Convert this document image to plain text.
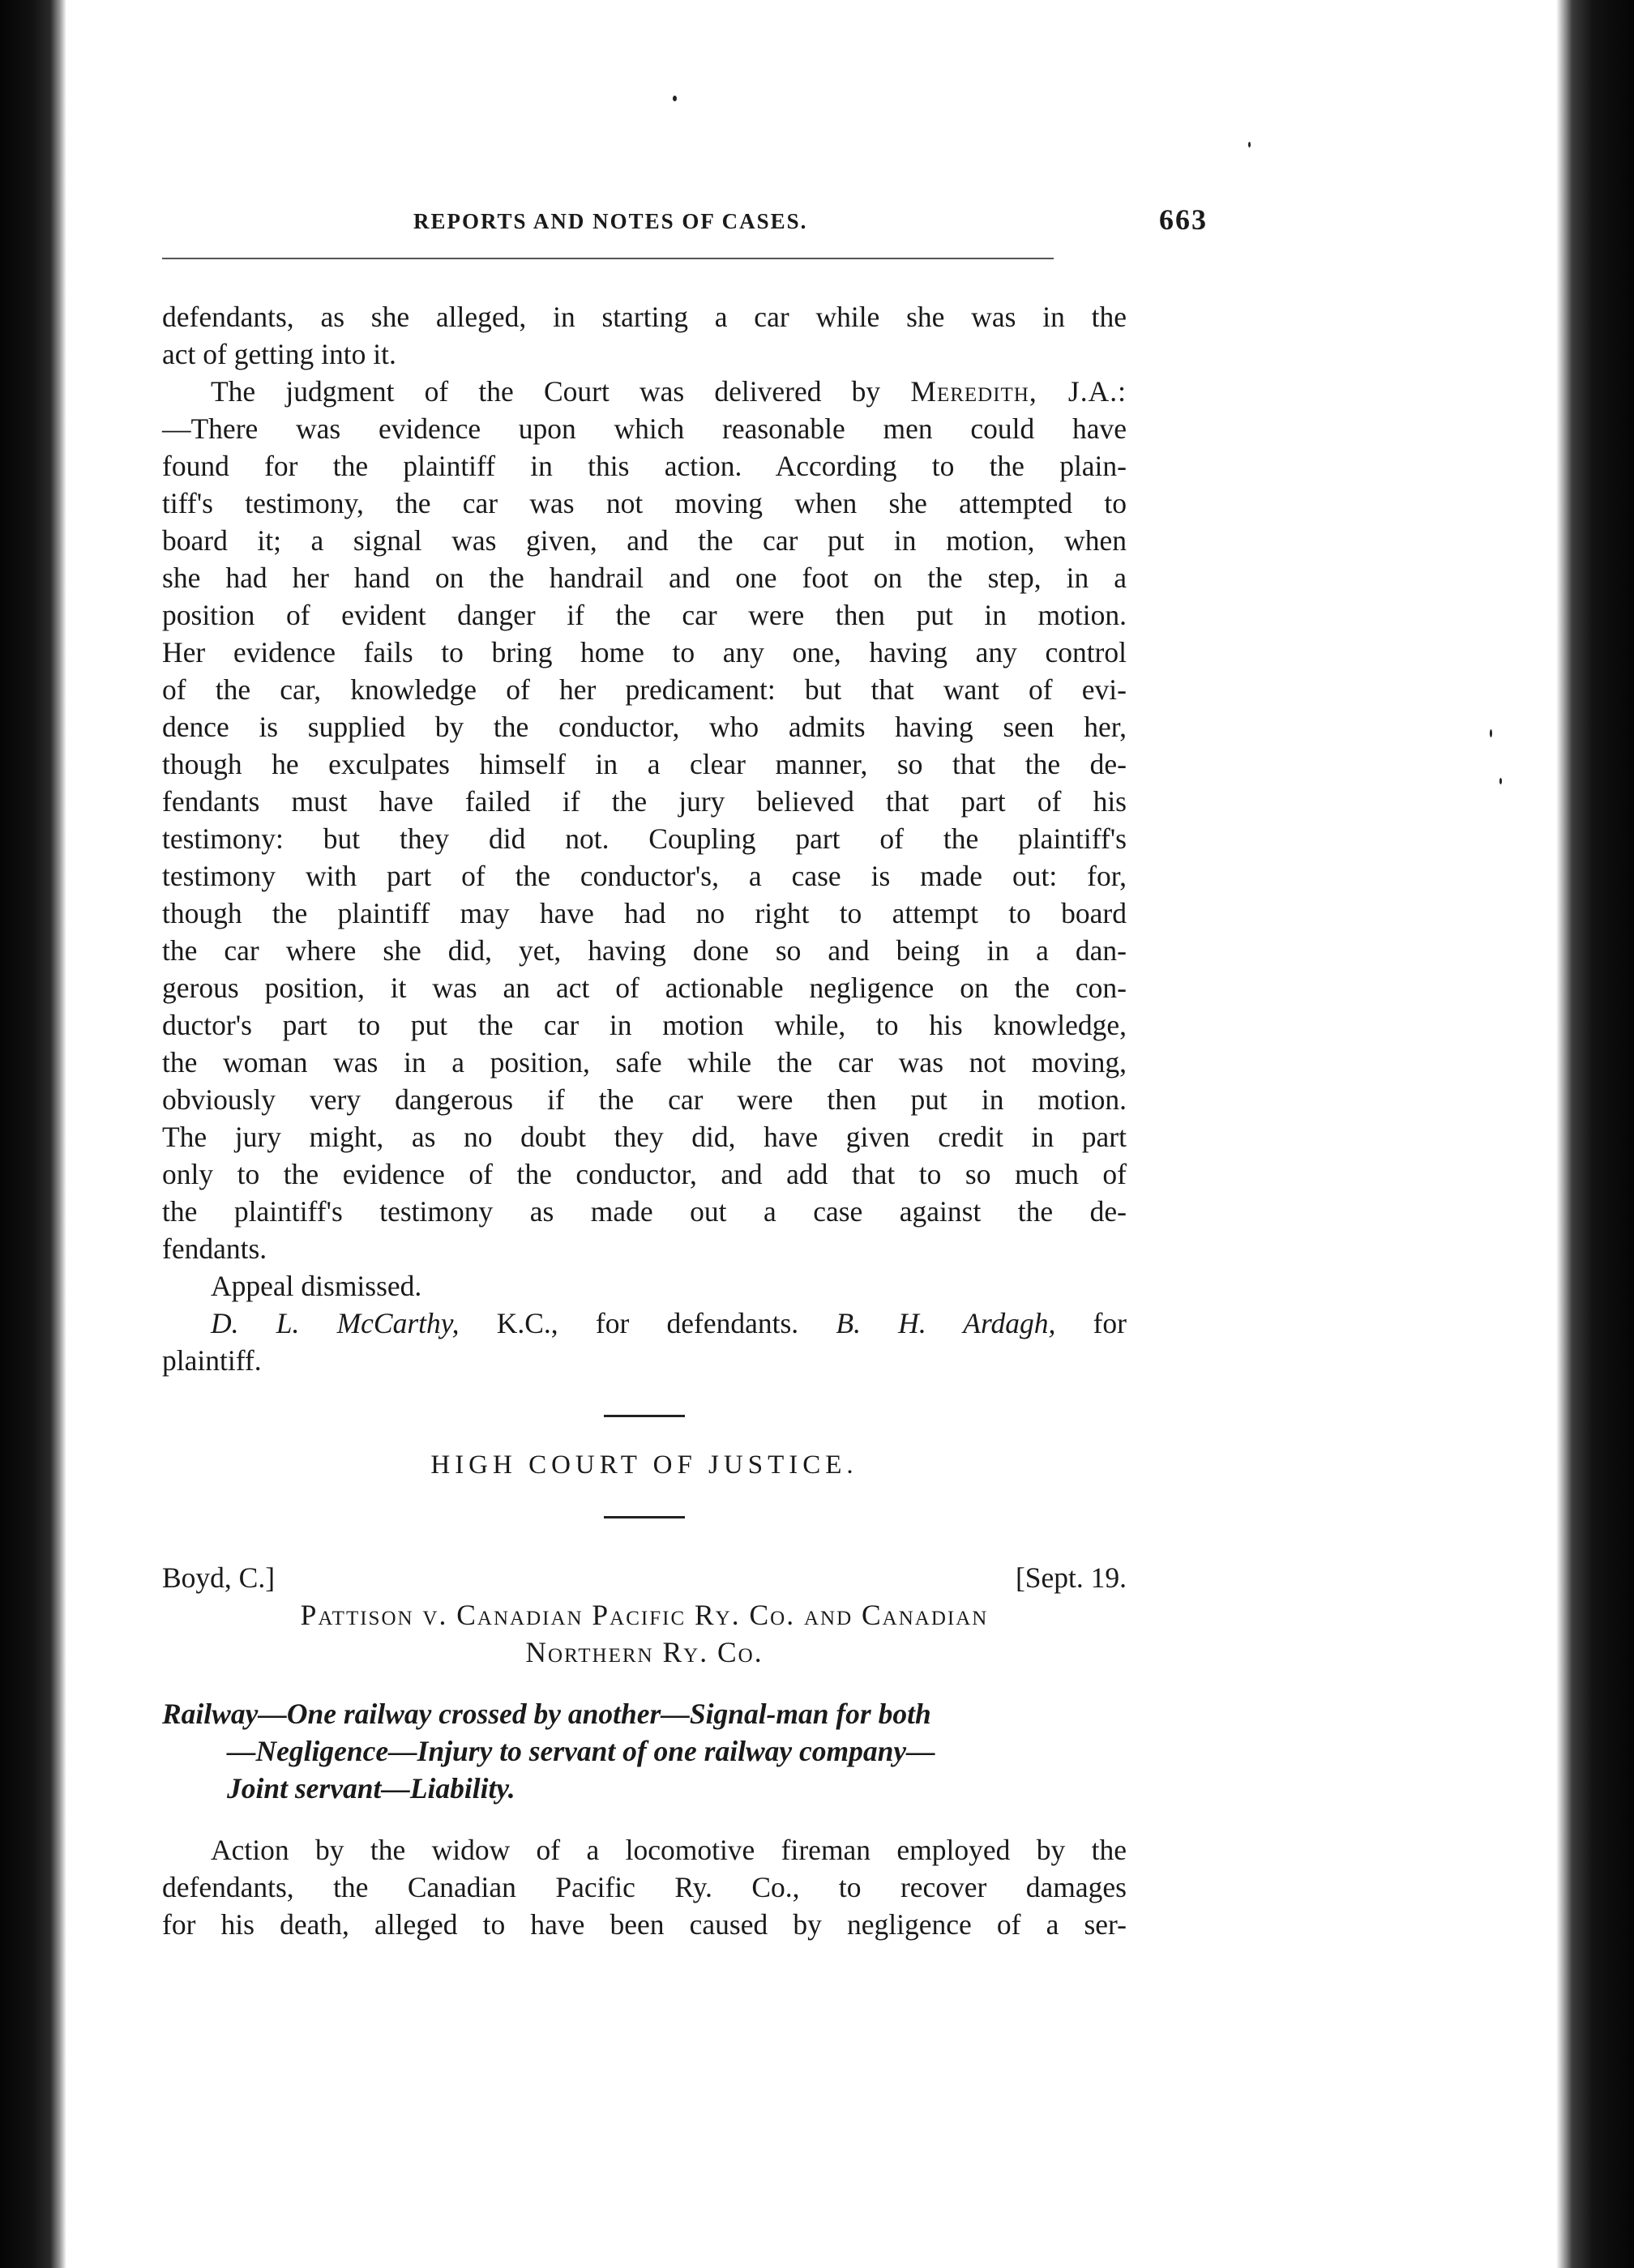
REPORTS AND NOTES OF CASES.	663
defendants, as she alleged, in starting a car while she was in the
act of getting into it.
The judgment of the Court was delivered by Meredith, J.A.:
—There was evidence upon which reasonable men could have
found for the plaintiff in this action. According to the plain-
tiff's testimony, the car was not moving when she attempted to
board it; a signal was given, and the car put in motion, when
she had her hand on the handrail and one foot on the step, in a
position of evident danger if the car were then put in motion.
Her evidence fails to bring home to any one, having any control
of the car, knowledge of her predicament: but that want of evi-
dence is supplied by the conductor, who admits having seen her,
though he exculpates himself in a clear manner, so that the de-
fendants must have failed if the jury believed that part of his
testimony: but they did not. Coupling part of the plaintiff's
testimony with part of the conductor's, a case is made out: for,
though the plaintiff may have had no right to attempt to board
the car where she did, yet, having done so and being in a dan-
gerous position, it was an act of actionable negligence on the con-
ductor's part to put the car in motion while, to his knowledge,
the woman was in a position, safe while the car was not moving,
obviously very dangerous if the car were then put in motion.
The jury might, as no doubt they did, have given credit in part
only to the evidence of the conductor, and add that to so much of
the plaintiff's testimony as made out a case against the de-
fendants.
Appeal dismissed.
D. L. McCarthy, K.C., for defendants. B. H. Ardagh, for
plaintiff.
HIGH COURT OF JUSTICE.
Boyd, C.]	[Sept. 19.
Pattison v. Canadian Pacific Ry. Co. and Canadian
Northern Ry. Co.
Railway—One railway crossed by another—Signal-man for both
—Negligence—Injury to servant of one railway company—
Joint servant—Liability.
Action by the widow of a locomotive fireman employed by the
defendants, the Canadian Pacific Ry. Co., to recover damages
for his death, alleged to have been caused by negligence of a ser-
